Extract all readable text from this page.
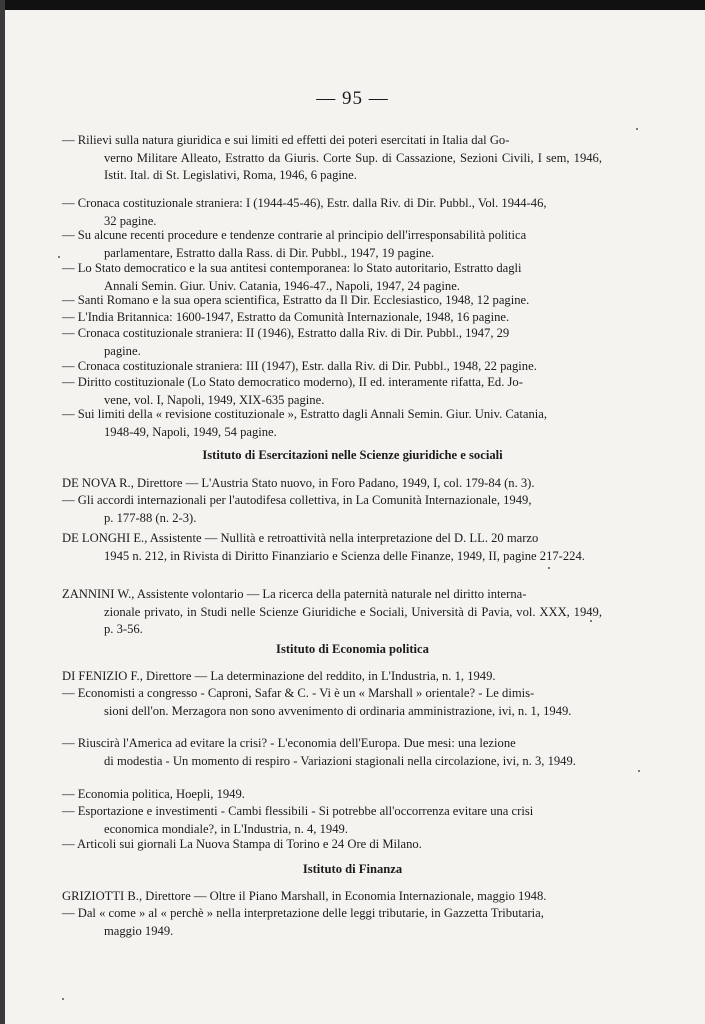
— 95 —
— Rilievi sulla natura giuridica e sui limiti ed effetti dei poteri esercitati in Italia dal Go-
verno Militare Alleato, Estratto da Giuris. Corte Sup. di Cassazione, Sezioni Civili, I sem, 1946, Istit. Ital. di St. Legislativi, Roma, 1946, 6 pagine.
— Cronaca costituzionale straniera: I (1944-45-46), Estr. dalla Riv. di Dir. Pubbl., Vol. 1944-46,
32 pagine.
— Su alcune recenti procedure e tendenze contrarie al principio dell'irresponsabilità politica
parlamentare, Estratto dalla Rass. di Dir. Pubbl., 1947, 19 pagine.
— Lo Stato democratico e la sua antitesi contemporanea: lo Stato autoritario, Estratto dagli
Annali Semin. Giur. Univ. Catania, 1946-47., Napoli, 1947, 24 pagine.
— Santi Romano e la sua opera scientifica, Estratto da Il Dir. Ecclesiastico, 1948, 12 pagine.
— L'India Britannica: 1600-1947, Estratto da Comunità Internazionale, 1948, 16 pagine.
— Cronaca costituzionale straniera: II (1946), Estratto dalla Riv. di Dir. Pubbl., 1947, 29
pagine.
— Cronaca costituzionale straniera: III (1947), Estr. dalla Riv. di Dir. Pubbl., 1948, 22 pagine.
— Diritto costituzionale (Lo Stato democratico moderno), II ed. interamente rifatta, Ed. Jo-
vene, vol. I, Napoli, 1949, XIX-635 pagine.
— Sui limiti della « revisione costituzionale », Estratto dagli Annali Semin. Giur. Univ. Catania,
1948-49, Napoli, 1949, 54 pagine.
Istituto di Esercitazioni nelle Scienze giuridiche e sociali
DE NOVA R., Direttore — L'Austria Stato nuovo, in Foro Padano, 1949, I, col. 179-84 (n. 3).
— Gli accordi internazionali per l'autodifesa collettiva, in La Comunità Internazionale, 1949,
p. 177-88 (n. 2-3).
DE LONGHI E., Assistente — Nullità e retroattività nella interpretazione del D. LL. 20 marzo
1945 n. 212, in Rivista di Diritto Finanziario e Scienza delle Finanze, 1949, II, pagine 217-224.
ZANNINI W., Assistente volontario — La ricerca della paternità naturale nel diritto interna-
zionale privato, in Studi nelle Scienze Giuridiche e Sociali, Università di Pavia, vol. XXX, 1949, p. 3-56.
Istituto di Economia politica
DI FENIZIO F., Direttore — La determinazione del reddito, in L'Industria, n. 1, 1949.
— Economisti a congresso - Caproni, Safar & C. - Vi è un « Marshall » orientale? - Le dimis-
sioni dell'on. Merzagora non sono avvenimento di ordinaria amministrazione, ivi, n. 1, 1949.
— Riuscirà l'America ad evitare la crisi? - L'economia dell'Europa. Due mesi: una lezione
di modestia - Un momento di respiro - Variazioni stagionali nella circolazione, ivi, n. 3, 1949.
— Economia politica, Hoepli, 1949.
— Esportazione e investimenti - Cambi flessibili - Si potrebbe all'occorrenza evitare una crisi
economica mondiale?, in L'Industria, n. 4, 1949.
— Articoli sui giornali La Nuova Stampa di Torino e 24 Ore di Milano.
Istituto di Finanza
GRIZIOTTI B., Direttore — Oltre il Piano Marshall, in Economia Internazionale, maggio 1948.
— Dal « come » al « perchè » nella interpretazione delle leggi tributarie, in Gazzetta Tributaria,
maggio 1949.
